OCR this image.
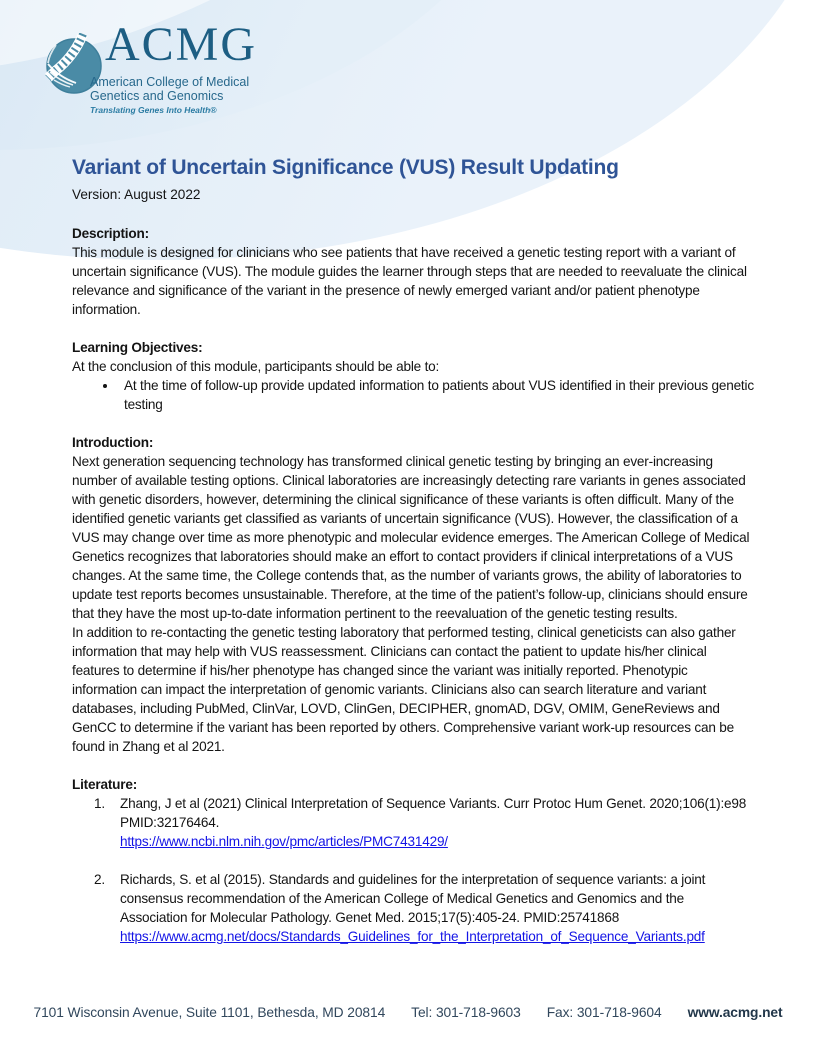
ACMG
American College of Medical
Genetics and Genomics
Translating Genes Into Health®
Variant of Uncertain Significance (VUS) Result Updating

Version: August 2022

Description:

This module is designed for clinicians who see patients that have received a genetic testing report with a variant of uncertain significance (VUS). The module guides the learner through steps that are needed to reevaluate the clinical relevance and significance of the variant in the presence of newly emerged variant and/or patient phenotype information.

Learning Objectives:

At the conclusion of this module, participants should be able to:

• At the time of follow-up provide updated information to patients about VUS identified in their previous genetic testing
Introduction:

Next generation sequencing technology has transformed clinical genetic testing by bringing an ever-increasing number of available testing options. Clinical laboratories are increasingly detecting rare variants in genes associated with genetic disorders, however, determining the clinical significance of these variants is often difficult. Many of the identified genetic variants get classified as variants of uncertain significance (VUS). However, the classification of a VUS may change over time as more phenotypic and molecular evidence emerges. The American College of Medical Genetics recognizes that laboratories should make an effort to contact providers if clinical interpretations of a VUS changes. At the same time, the College contends that, as the number of variants grows, the ability of laboratories to update test reports becomes unsustainable. Therefore, at the time of the patient’s follow-up, clinicians should ensure that they have the most up-to-date information pertinent to the reevaluation of the genetic testing results.

In addition to re-contacting the genetic testing laboratory that performed testing, clinical geneticists can also gather information that may help with VUS reassessment. Clinicians can contact the patient to update his/her clinical features to determine if his/her phenotype has changed since the variant was initially reported. Phenotypic information can impact the interpretation of genomic variants. Clinicians also can search literature and variant databases, including PubMed, ClinVar, LOVD, ClinGen, DECIPHER, gnomAD, DGV, OMIM, GeneReviews and GenCC to determine if the variant has been reported by others. Comprehensive variant work-up resources can be found in Zhang et al 2021.

Literature:
1.	Zhang, J et al (2021) Clinical Interpretation of Sequence Variants. Curr Protoc Hum Genet. 2020;106(1):e98 PMID:32176464.
https://www.ncbi.nlm.nih.gov/pmc/articles/PMC7431429/
2.	Richards, S. et al (2015). Standards and guidelines for the interpretation of sequence variants: a joint consensus recommendation of the American College of Medical Genetics and Genomics and the Association for Molecular Pathology. Genet Med. 2015;17(5):405-24. PMID:25741868
https://www.acmg.net/docs/Standards_Guidelines_for_the_Interpretation_of_Sequence_Variants.pdf
7101 Wisconsin Avenue, Suite 1101, Bethesda, MD 20814 Tel: 301-718-9603 Fax: 301-718-9604 www.acmg.net
